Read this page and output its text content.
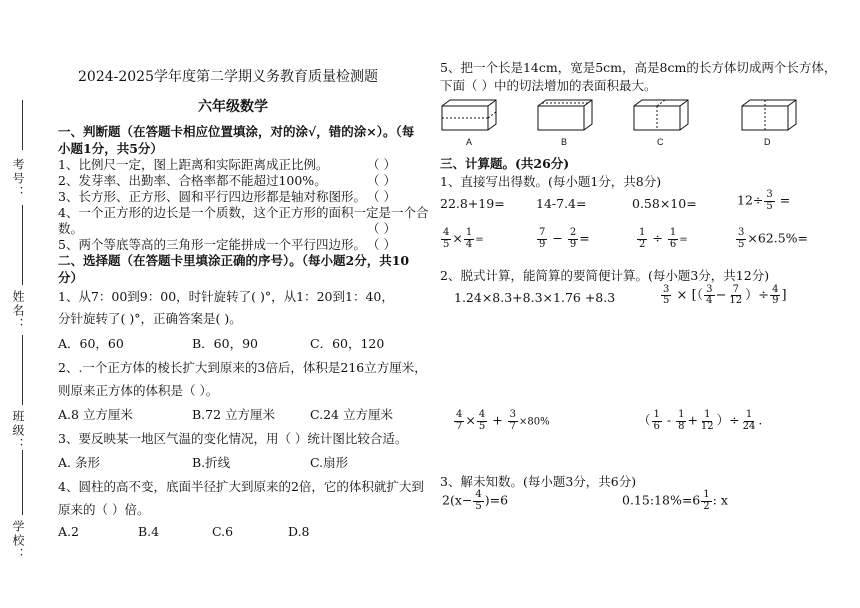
考号：
姓名：
班级：
学校：
2024-2025学年度第二学期义务教育质量检测题
六年级数学
一、判断题（在答题卡相应位置填涂，对的涂√，错的涂×）。（每
小题1分，共5分）
1、比例尺一定，图上距离和实际距离成正比例。	（ ）
2、发芽率、出勤率、合格率都不能超过100%。	（ ）
3、长方形、正方形、圆和平行四边形都是轴对称图形。 （ ）
4、一个正方形的边长是一个质数，这个正方形的面积一定是一个合
数。	（ ）
5、两个等底等高的三角形一定能拼成一个平行四边形。 （ ）
二、选择题（在答题卡里填涂正确的序号）。（每小题2分，共10
分）
1、从7：00到9：00，时针旋转了( )°，从1：20到1：40，
分针旋转了( )°，正确答案是( )。
A．60，60	B．60，90	C．60，120
2、.一个正方体的棱长扩大到原来的3倍后，体积是216立方厘米，
则原来正方体的体积是（ ）。
A.8 立方厘米	B.72 立方厘米	C.24 立方厘米
3、要反映某一地区气温的变化情况，用（ ）统计图比较合适。
A. 条形	B.折线	C.扇形
4、圆柱的高不变，底面半径扩大到原来的2倍，它的体积就扩大到
原来的（ ）倍。
A.2	B.4	C.6	D.8
5、把一个长是14cm，宽是5cm，高是8cm的长方体切成两个长方体，
下面（ ）中的切法增加的表面积最大。
A	B	C	D
三、计算题。(共26分)
1、直接写出得数。(每小题1分，共8分)
22.8+19=	14-7.4=	0.58×10=	$12\div \frac{3}{5}$ =
$\frac{4}{5} \times \frac{1}{4}$ =	$\frac{7}{9} - \frac{2}{9}$ =	$\frac{1}{2} \div \frac{1}{6}$ =	$\frac{3}{5} \times 62.5\%=$
2、脱式计算，能简算的要简便计算。(每小题3分，共12分)
1.24×8.3+8.3×1.76 +8.3	$\frac{3}{5}$ × [（ $\frac{3}{4} - \frac{7}{12}$ ）÷ $\frac{4}{9}$ ]
$\frac{4}{7} \times \frac{4}{5} + \frac{3}{7} \times 80\%$	（ $\frac{1}{6} - \frac{1}{8} + \frac{1}{12}$ ）÷ $\frac{1}{24}$ .
3、解未知数。(每小题3分，共6分)
$2(x- \frac{4}{5} )=6$	0.15:18%=6 $\frac{1}{2}$ : x
